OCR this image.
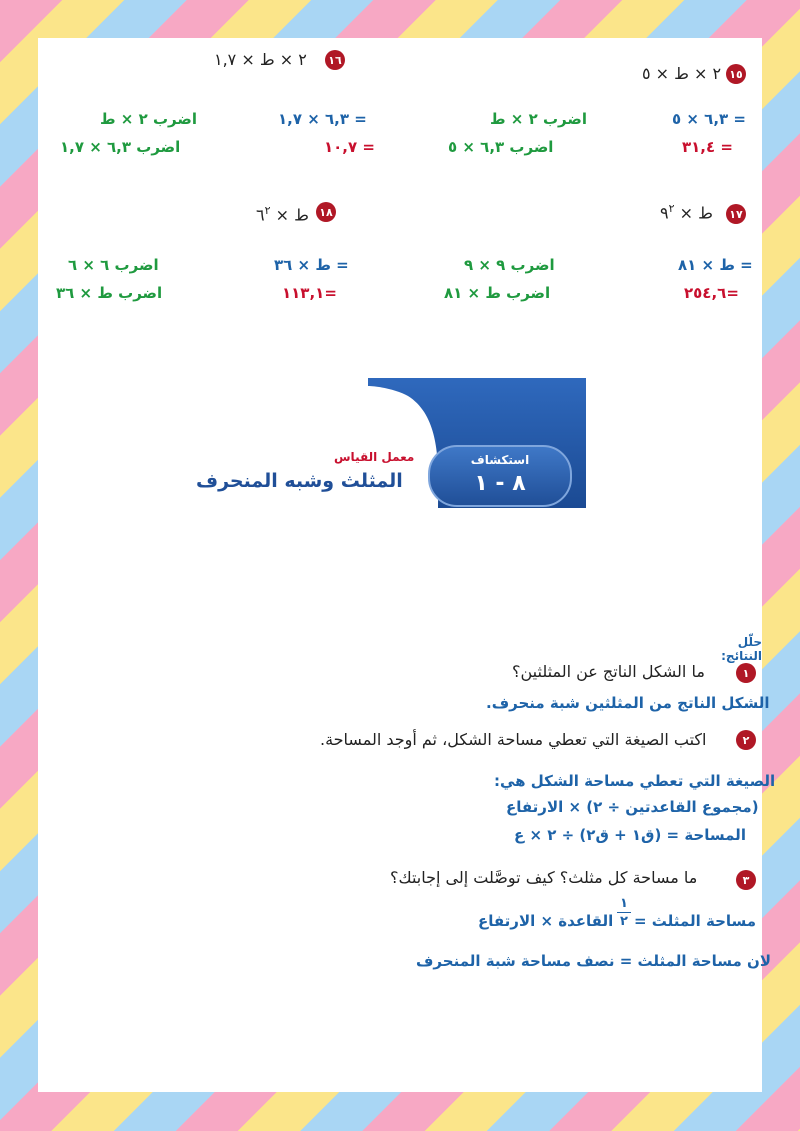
١٦
٢ × ط × ١,٧
اضرب ٢ × ط
اضرب ٦,٣ × ١,٧
= ٦,٣ × ١,٧
= ١٠,٧
١٥
٢ × ط × ٥
اضرب ٢ × ط
اضرب ٦,٣ × ٥
= ٦,٣ × ٥
= ٣١,٤
١٨
ط × $٦^٢$
اضرب ٦ × ٦
اضرب ط × ٣٦
= ط × ٣٦
=١١٣,١
١٧
ط × $٩^٢$
اضرب ٩ × ٩
اضرب ط × ٨١
= ط × ٨١
=٢٥٤,٦
استكشاف
٨ - ١
معمل القياس
المثلث وشبه المنحرف
حلّل النتائج:
١
ما الشكل الناتج عن المثلثين؟
الشكل الناتج من المثلثين شبة منحرف.
٢
اكتب الصيغة التي تعطي مساحة الشكل، ثم أوجد المساحة.
الصيغة التي تعطي مساحة الشكل هي:
(مجموع القاعدتين ÷ ٢) × الارتفاع
المساحة = (ق١ + ق٢) ÷ ٢ × ع
٣
ما مساحة كل مثلث؟ كيف توصَّلت إلى إجابتك؟
مساحة المثلث =
١
٢
القاعدة × الارتفاع
لان مساحة المثلث = نصف مساحة شبة المنحرف
